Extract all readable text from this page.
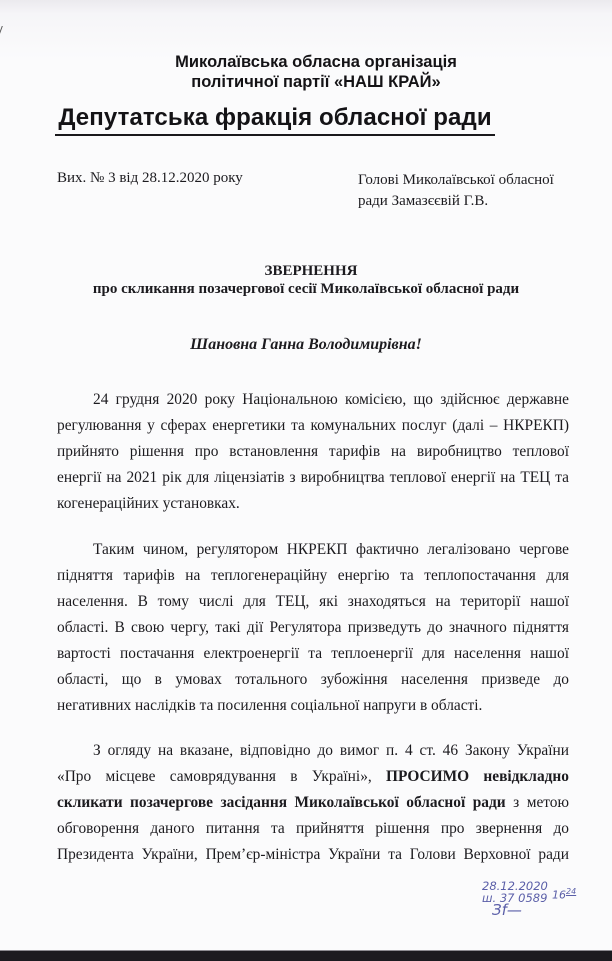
Миколаївська обласна організація
політичної партії «НАШ КРАЙ»
Депутатська фракція обласної ради
Вих. № 3 від 28.12.2020 року	Голові Миколаївської обласної
ради Замазєєвій Г.В.
ЗВЕРНЕННЯ
про скликання позачергової сесії Миколаївської обласної ради
Шановна Ганна Володимирівна!
24 грудня 2020 року Національною комісією, що здійснює державне
регулювання у сферах енергетики та комунальних послуг (далі – НКРЕКП)
прийнято рішення про встановлення тарифів на виробництво теплової
енергії на 2021 рік для ліцензіатів з виробництва теплової енергії на ТЕЦ та
когенераційних установках.
Таким чином, регулятором НКРЕКП фактично легалізовано чергове
підняття тарифів на теплогенераційну енергію та теплопостачання для
населення. В тому числі для ТЕЦ, які знаходяться на території нашої
області. В свою чергу, такі дії Регулятора призведуть до значного підняття
вартості постачання електроенергії та теплоенергії для населення нашої
області, що в умовах тотального зубожіння населення призведе до
негативних наслідків та посилення соціальної напруги в області.
З огляду на вказане, відповідно до вимог п. 4 ст. 46 Закону України
«Про місцеве самоврядування в Україні», ПРОСИМО невідкладно
скликати позачергове засідання Миколаївської обласної ради з метою
обговорення даного питання та прийняття рішення про звернення до
Президента України, Прем’єр-міністра України та Голови Верховної ради
28.12.2020
ш. 37 0589
Зf—
$16^{24}$
